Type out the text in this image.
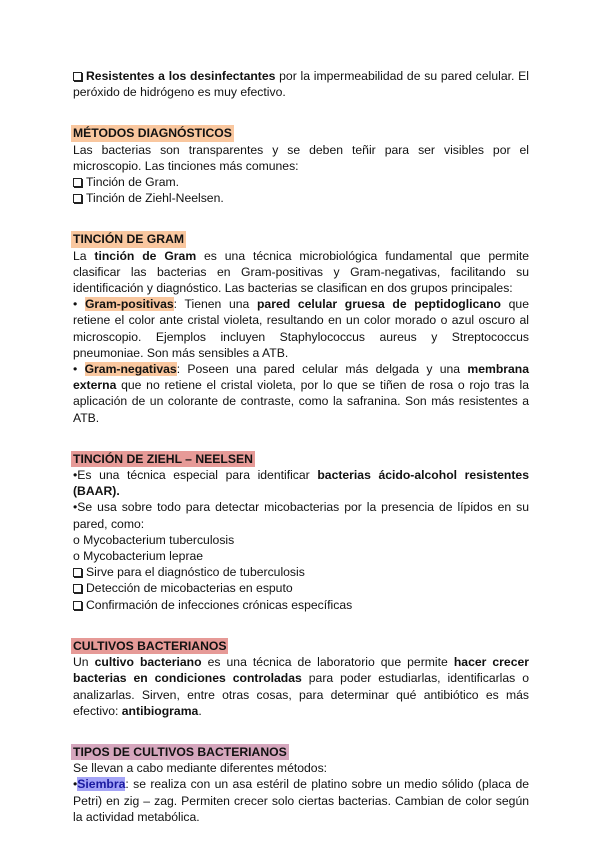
Resistentes a los desinfectantes por la impermeabilidad de su pared celular. El peróxido de hidrógeno es muy efectivo.

MÉTODOS DIAGNÓSTICOS

Las bacterias son transparentes y se deben teñir para ser visibles por el microscopio. Las tinciones más comunes:

Tinción de Gram.

Tinción de Ziehl-Neelsen.

TINCIÓN DE GRAM

La tinción de Gram es una técnica microbiológica fundamental que permite clasificar las bacterias en Gram-positivas y Gram-negativas, facilitando su identificación y diagnóstico. Las bacterias se clasifican en dos grupos principales:

• Gram-positivas: Tienen una pared celular gruesa de peptidoglicano que retiene el color ante cristal violeta, resultando en un color morado o azul oscuro al microscopio. Ejemplos incluyen Staphylococcus aureus y Streptococcus pneumoniae. Son más sensibles a ATB.

• Gram-negativas: Poseen una pared celular más delgada y una membrana externa que no retiene el cristal violeta, por lo que se tiñen de rosa o rojo tras la aplicación de un colorante de contraste, como la safranina. Son más resistentes a ATB.

TINCIÓN DE ZIEHL – NEELSEN

•Es una técnica especial para identificar bacterias ácido-alcohol resistentes (BAAR).

•Se usa sobre todo para detectar micobacterias por la presencia de lípidos en su pared, como:

o Mycobacterium tuberculosis

o Mycobacterium leprae

Sirve para el diagnóstico de tuberculosis

Detección de micobacterias en esputo

Confirmación de infecciones crónicas específicas

CULTIVOS BACTERIANOS

Un cultivo bacteriano es una técnica de laboratorio que permite hacer crecer bacterias en condiciones controladas para poder estudiarlas, identificarlas o analizarlas. Sirven, entre otras cosas, para determinar qué antibiótico es más efectivo: antibiograma.

TIPOS DE CULTIVOS BACTERIANOS

Se llevan a cabo mediante diferentes métodos:

•Siembra: se realiza con un asa estéril de platino sobre un medio sólido (placa de Petri) en zig – zag. Permiten crecer solo ciertas bacterias. Cambian de color según la actividad metabólica.
